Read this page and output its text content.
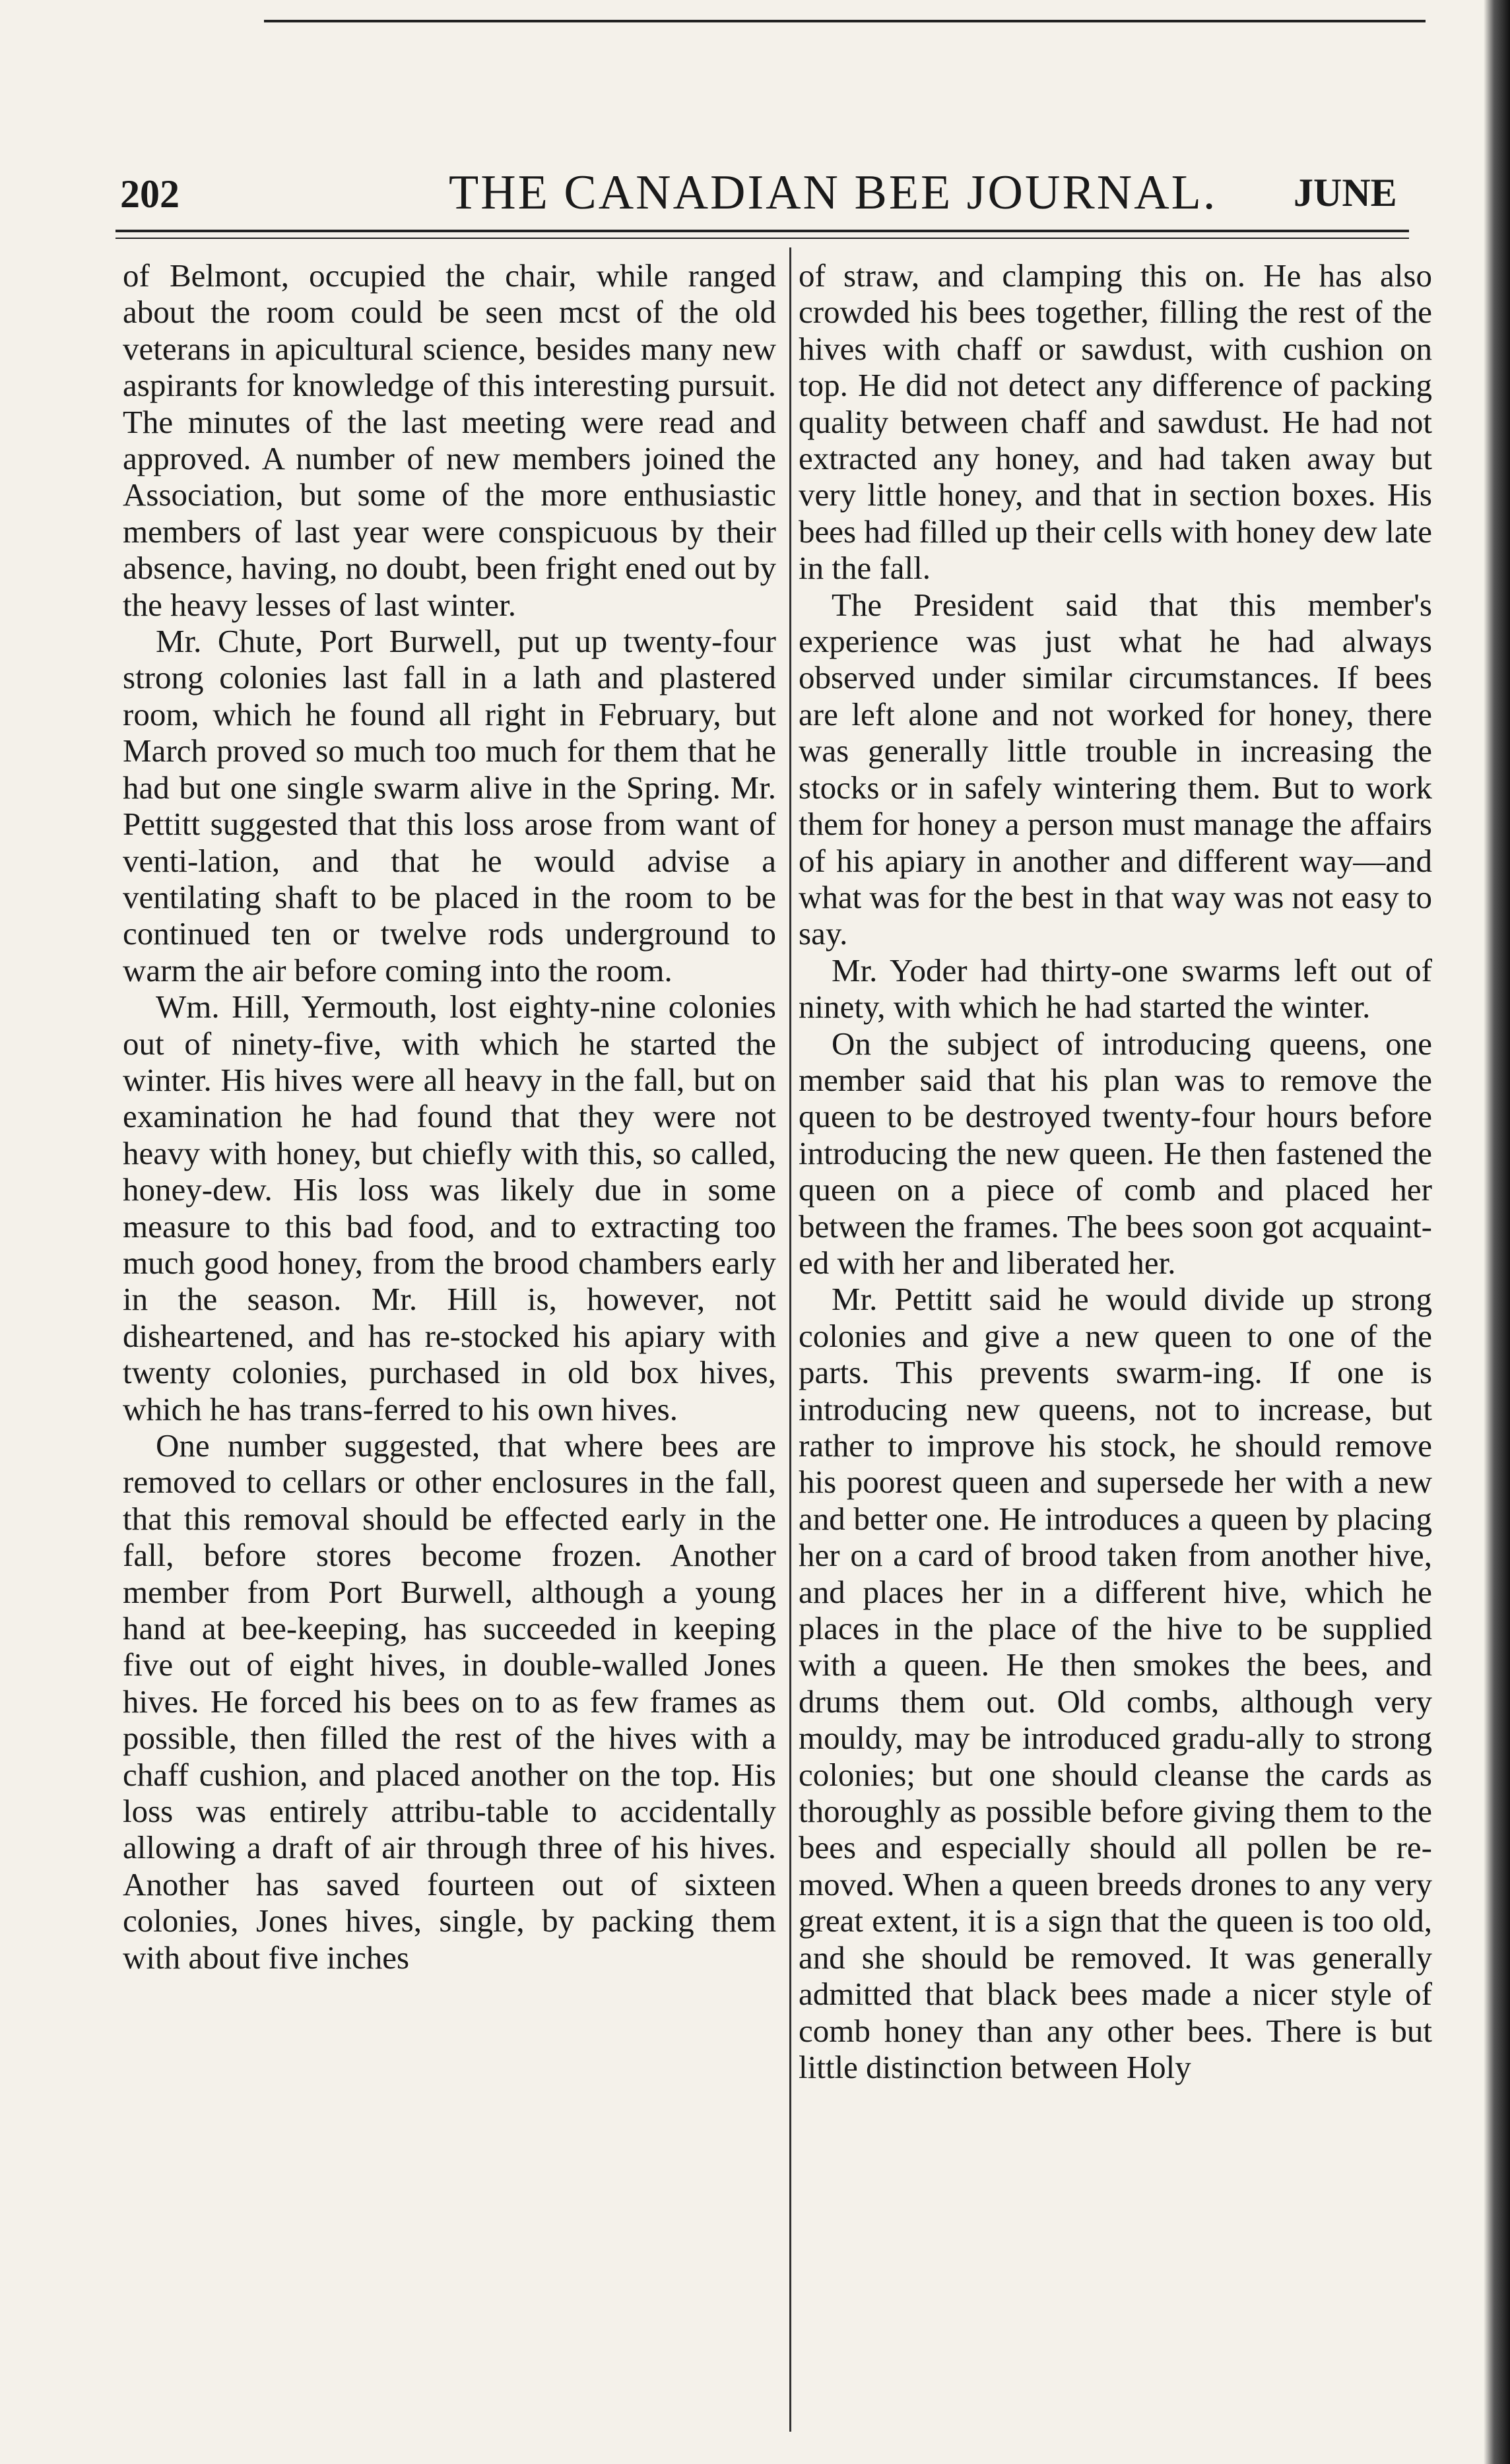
202	THE CANADIAN BEE JOURNAL. JUNE

of Belmont, occupied the chair, while ranged about the room could be seen mcst of the old veterans in apicultural science, besides many new aspirants for knowledge of this interesting pursuit. The minutes of the last meeting were read and approved. A number of new members joined the Association, but some of the more enthusiastic members of last year were conspicuous by their absence, having, no doubt, been fright ened out by the heavy lesses of last winter.

Mr. Chute, Port Burwell, put up twenty-four strong colonies last fall in a lath and plastered room, which he found all right in February, but March proved so much too much for them that he had but one single swarm alive in the Spring. Mr. Pettitt suggested that this loss arose from want of venti-lation, and that he would advise a ventilating shaft to be placed in the room to be continued ten or twelve rods underground to warm the air before coming into the room.

Wm. Hill, Yermouth, lost eighty-nine colonies out of ninety-five, with which he started the winter. His hives were all heavy in the fall, but on examination he had found that they were not heavy with honey, but chiefly with this, so called, honey-dew. His loss was likely due in some measure to this bad food, and to extracting too much good honey, from the brood chambers early in the season. Mr. Hill is, however, not disheartened, and has re-stocked his apiary with twenty colonies, purchased in old box hives, which he has trans-ferred to his own hives.

One number suggested, that where bees are removed to cellars or other enclosures in the fall, that this removal should be effected early in the fall, before stores become frozen. Another member from Port Burwell, although a young hand at bee-keeping, has succeeded in keeping five out of eight hives, in double-walled Jones hives. He forced his bees on to as few frames as possible, then filled the rest of the hives with a chaff cushion, and placed another on the top. His loss was entirely attribu-table to accidentally allowing a draft of air through three of his hives. Another has saved fourteen out of sixteen colonies, Jones hives, single, by packing them with about five inches

of straw, and clamping this on. He has also crowded his bees together, filling the rest of the hives with chaff or sawdust, with cushion on top. He did not detect any difference of packing quality between chaff and sawdust. He had not extracted any honey, and had taken away but very little honey, and that in section boxes. His bees had filled up their cells with honey dew late in the fall.

The President said that this member's experience was just what he had always observed under similar circumstances. If bees are left alone and not worked for honey, there was generally little trouble in increasing the stocks or in safely wintering them. But to work them for honey a person must manage the affairs of his apiary in another and different way—and what was for the best in that way was not easy to say.

Mr. Yoder had thirty-one swarms left out of ninety, with which he had started the winter.

On the subject of introducing queens, one member said that his plan was to remove the queen to be destroyed twenty-four hours before introducing the new queen. He then fastened the queen on a piece of comb and placed her between the frames. The bees soon got acquaint-ed with her and liberated her.

Mr. Pettitt said he would divide up strong colonies and give a new queen to one of the parts. This prevents swarm-ing. If one is introducing new queens, not to increase, but rather to improve his stock, he should remove his poorest queen and supersede her with a new and better one. He introduces a queen by placing her on a card of brood taken from another hive, and places her in a different hive, which he places in the place of the hive to be supplied with a queen. He then smokes the bees, and drums them out. Old combs, although very mouldy, may be introduced gradu-ally to strong colonies; but one should cleanse the cards as thoroughly as possible before giving them to the bees and especially should all pollen be re-moved. When a queen breeds drones to any very great extent, it is a sign that the queen is too old, and she should be removed. It was generally admitted that black bees made a nicer style of comb honey than any other bees. There is but little distinction between Holy
